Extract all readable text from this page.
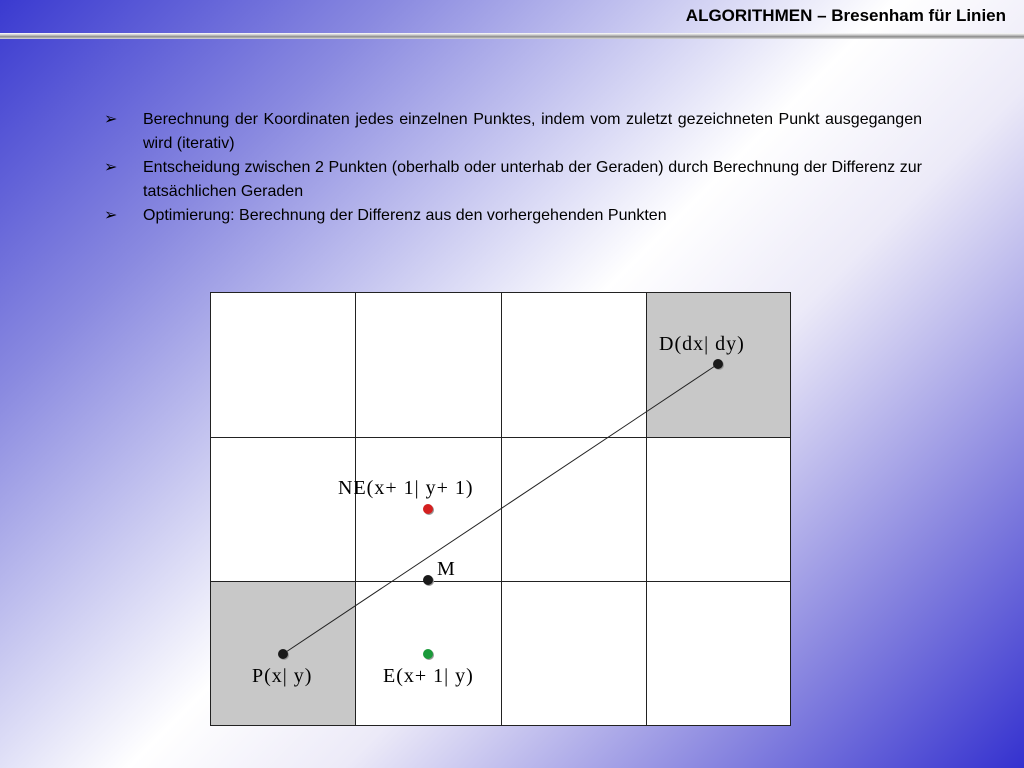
ALGORITHMEN – Bresenham für Linien
➢ Berechnung der Koordinaten jedes einzelnen Punktes, indem vom zuletzt gezeichneten Punkt ausgegangen wird (iterativ)
➢ Entscheidung zwischen 2 Punkten (oberhalb oder unterhab der Geraden) durch Berechnung der Differenz zur tatsächlichen Geraden
➢ Optimierung: Berechnung der Differenz aus den vorhergehenden Punkten
D(dx| dy)
NE(x+ 1| y+ 1)
M
P(x| y)	E(x+ 1| y)
